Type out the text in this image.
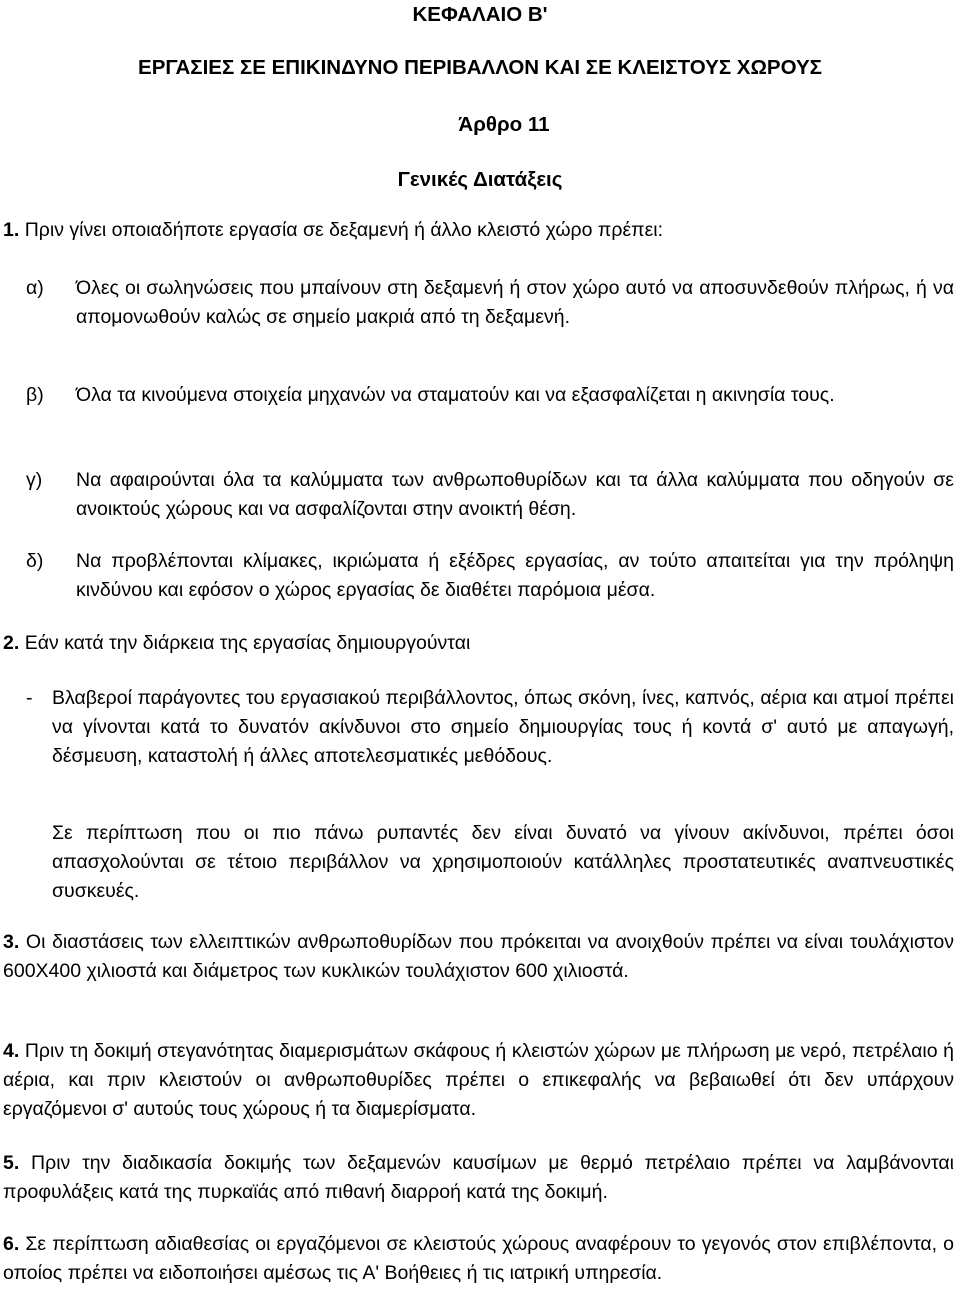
ΚΕΦΑΛΑΙΟ Β'
ΕΡΓΑΣΙΕΣ ΣΕ ΕΠΙΚΙΝΔΥΝΟ ΠΕΡΙΒΑΛΛΟΝ ΚΑΙ ΣΕ ΚΛΕΙΣΤΟΥΣ ΧΩΡΟΥΣ
Άρθρο 11
Γενικές Διατάξεις
1. Πριν γίνει οποιαδήποτε εργασία σε δεξαμενή ή άλλο κλειστό χώρο πρέπει:
α) Όλες οι σωληνώσεις που μπαίνουν στη δεξαμενή ή στον χώρο αυτό να αποσυνδεθούν πλήρως, ή να απομονωθούν καλώς σε σημείο μακριά από τη δεξαμενή.
β) Όλα τα κινούμενα στοιχεία μηχανών να σταματούν και να εξασφαλίζεται η ακινησία τους.
γ) Να αφαιρούνται όλα τα καλύμματα των ανθρωποθυρίδων και τα άλλα καλύμματα που οδηγούν σε ανοικτούς χώρους και να ασφαλίζονται στην ανοικτή θέση.
δ) Να προβλέπονται κλίμακες, ικριώματα ή εξέδρες εργασίας, αν τούτο απαιτείται για την πρόληψη κινδύνου και εφόσον ο χώρος εργασίας δε διαθέτει παρόμοια μέσα.
2. Εάν κατά την διάρκεια της εργασίας δημιουργούνται
- Βλαβεροί παράγοντες του εργασιακού περιβάλλοντος, όπως σκόνη, ίνες, καπνός, αέρια και ατμοί πρέπει να γίνονται κατά το δυνατόν ακίνδυνοι στο σημείο δημιουργίας τους ή κοντά σ' αυτό με απαγωγή, δέσμευση, καταστολή ή άλλες αποτελεσματικές μεθόδους.
Σε περίπτωση που οι πιο πάνω ρυπαντές δεν είναι δυνατό να γίνουν ακίνδυνοι, πρέπει όσοι απασχολούνται σε τέτοιο περιβάλλον να χρησιμοποιούν κατάλληλες προστατευτικές αναπνευστικές συσκευές.
3. Οι διαστάσεις των ελλειπτικών ανθρωποθυρίδων που πρόκειται να ανοιχθούν πρέπει να είναι τουλάχιστον 600Χ400 χιλιοστά και διάμετρος των κυκλικών τουλάχιστον 600 χιλιοστά.
4. Πριν τη δοκιμή στεγανότητας διαμερισμάτων σκάφους ή κλειστών χώρων με πλήρωση με νερό, πετρέλαιο ή αέρια, και πριν κλειστούν οι ανθρωποθυρίδες πρέπει ο επικεφαλής να βεβαιωθεί ότι δεν υπάρχουν εργαζόμενοι σ' αυτούς τους χώρους ή τα διαμερίσματα.
5. Πριν την διαδικασία δοκιμής των δεξαμενών καυσίμων με θερμό πετρέλαιο πρέπει να λαμβάνονται προφυλάξεις κατά της πυρκαϊάς από πιθανή διαρροή κατά της δοκιμή.
6. Σε περίπτωση αδιαθεσίας οι εργαζόμενοι σε κλειστούς χώρους αναφέρουν το γεγονός στον επιβλέποντα, ο οποίος πρέπει να ειδοποιήσει αμέσως τις Α' Βοήθειες ή τις ιατρική υπηρεσία.
